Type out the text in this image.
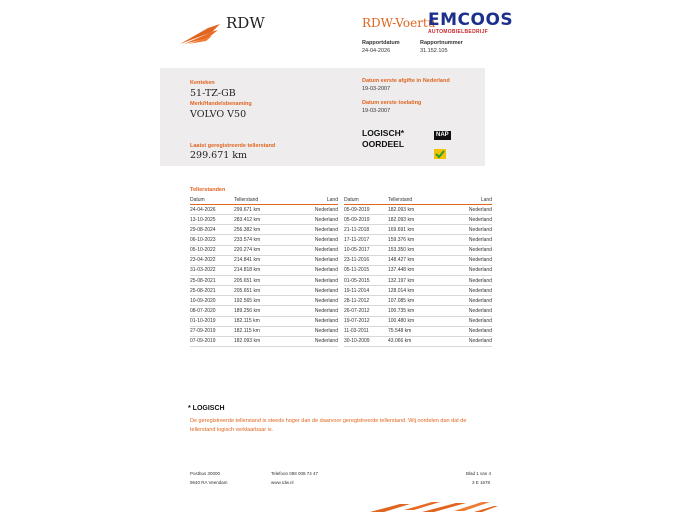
RDW	RDW-Voertu
EMCOOS
AUTOMOBIELBEDRIJF
Rapportdatum
24-04-2026
Rapportnummer
31.152.105
Kenteken
51-TZ-GB
Merk/Handelsbenaming
VOLVO V50
Laatst geregistreerde tellerstand
299.671 km
Datum eerste afgifte in Nederland
19-03-2007
Datum eerste toelating
19-03-2007
LOGISCH*
OORDEEL
NAP
Tellerstanden
Datum	Tellerstand	Land
24-04-2026	299.671 km	Nederland
13-10-2025	283.412 km	Nederland
29-08-2024	256.382 km	Nederland
06-10-2023	233.574 km	Nederland
05-10-2022	220.274 km	Nederland
23-04-2022	214.841 km	Nederland
31-03-2022	214.818 km	Nederland
25-08-2021	205.651 km	Nederland
25-08-2021	205.651 km	Nederland
10-09-2020	192.565 km	Nederland
08-07-2020	189.256 km	Nederland
01-10-2019	182.115 km	Nederland
27-09-2019	182.115 km	Nederland
07-09-2019	182.093 km	Nederland
Datum	Tellerstand	Land
05-09-2019	182.093 km	Nederland
05-09-2019	182.093 km	Nederland
21-11-2018	169.691 km	Nederland
17-11-2017	159.376 km	Nederland
10-05-2017	153.350 km	Nederland
23-11-2016	148.427 km	Nederland
05-11-2015	137.448 km	Nederland
01-05-2015	132.197 km	Nederland
19-11-2014	128.014 km	Nederland
28-11-2012	107.085 km	Nederland
26-07-2012	100.735 km	Nederland
19-07-2012	100.480 km	Nederland
11-03-2011	75.548 km	Nederland
30-10-2009	43.066 km	Nederland
* LOGISCH
De geregistreerde tellerstand is steeds hoger dan de daarvoor geregistreerde tellerstand. Wij oordelen dan dat de tellerstand logisch verklaarbaar is.
Postbus 30000
9640 RA Veendam
Telefoon 088 008 74 47
www.rdw.nl
Blad 1 van 4
3 E 1678
